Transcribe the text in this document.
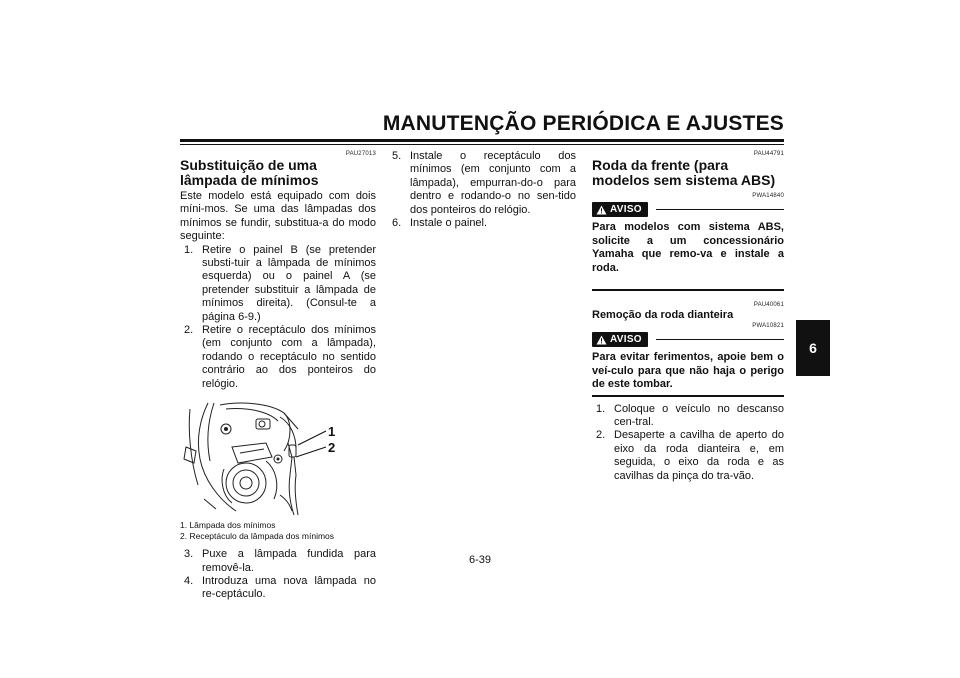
MANUTENÇÃO PERIÓDICA E AJUSTES
6
PAU27013
Substituição de uma lâmpada de mínimos

Este modelo está equipado com dois míni-mos. Se uma das lâmpadas dos mínimos se fundir, substitua-a do modo seguinte:

1. Retire o painel B (se pretender substi-tuir a lâmpada de mínimos esquerda) ou o painel A (se pretender substituir a lâmpada de mínimos direita). (Consul-te a página 6-9.)
2. Retire o receptáculo dos mínimos (em conjunto com a lâmpada), rodando o receptáculo no sentido contrário ao dos ponteiros do relógio.
1
2
1. Lâmpada dos mínimos
2. Receptáculo da lâmpada dos mínimos
3. Puxe a lâmpada fundida para removê-la.
4. Introduza uma nova lâmpada no re-ceptáculo.
5. Instale o receptáculo dos mínimos (em conjunto com a lâmpada), empurran-do-o para dentro e rodando-o no sen-tido dos ponteiros do relógio.
6. Instale o painel.
PAU44791
Roda da frente (para modelos sem sistema ABS)
PWA14840
AVISO

Para modelos com sistema ABS, solicite a um concessionário Yamaha que remo-va e instale a roda.

PAU40061
Remoção da roda dianteira
PWA10821
AVISO

Para evitar ferimentos, apoie bem o veí-culo para que não haja o perigo de este tombar.

1. Coloque o veículo no descanso cen-tral.
2. Desaperte a cavilha de aperto do eixo da roda dianteira e, em seguida, o eixo da roda e as cavilhas da pinça do tra-vão.
6-39
